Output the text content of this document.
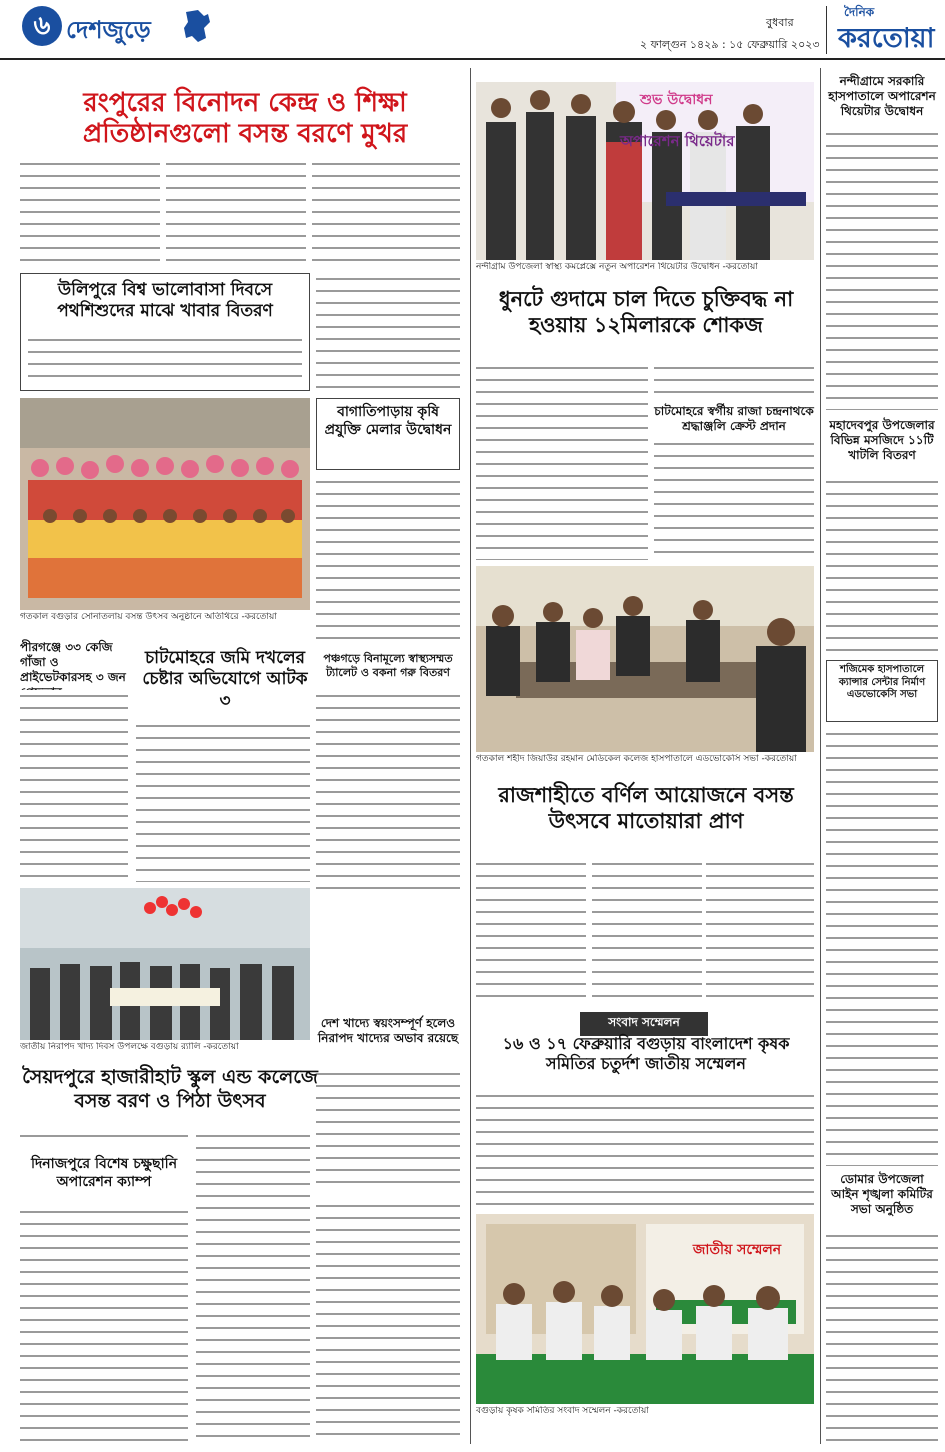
৬ দেশজুড়ে	বুধবার
২ ফাল্গুন ১৪২৯ : ১৫ ফেব্রুয়ারি ২০২৩
দৈনিক
করতোয়া
রংপুরের বিনোদন কেন্দ্র ও শিক্ষা প্রতিষ্ঠানগুলো বসন্ত বরণে মুখর
উলিপুরে বিশ্ব ভালোবাসা দিবসে পথশিশুদের মাঝে খাবার বিতরণ
গতকাল বগুড়ার সোনাতলায় বসন্ত উৎসব অনুষ্ঠানে অতিথিরে -করতোয়া
বাগাতিপাড়ায় কৃষি প্রযুক্তি মেলার উদ্বোধন
পীরগঞ্জে ৩৩ কেজি গাঁজা ও প্রাইভেটকারসহ ৩ জন
চাটমোহরে জমি দখলের চেষ্টার অভিযোগে আটক ৩
পঞ্চগড়ে বিনামূল্যে স্বাস্থ্যসম্মত ট্যালেট ও বকনা গরু বিতরণ
জাতীয় নিরাপদ খাদ্য দিবস উপলক্ষে বগুড়ায় র‌্যালি -করতোয়া
দেশ খাদ্যে স্বয়ংসম্পূর্ণ হলেও নিরাপদ খাদ্যের অভাব রয়েছে
সৈয়দপুরে হাজারীহাট স্কুল এন্ড কলেজে বসন্ত বরণ ও পিঠা উৎসব
দিনাজপুরে বিশেষ চক্ষুছানি অপারেশন ক্যাম্প
শুভ উদ্বোধন
অপারেশন থিয়েটার
নন্দীগ্রাম উপজেলা স্বাস্থ্য কমপ্লেক্সে নতুন অপারেশন থিয়েটার উদ্বোধন -করতোয়া
ধুনটে গুদামে চাল দিতে চুক্তিবদ্ধ না হওয়ায় ১২মিলারকে শোকজ
চাটমোহরে স্বর্গীয় রাজা চন্দ্রনাথকে শ্রদ্ধাঞ্জলি ক্রেস্ট প্রদান
গতকাল শহীদ জিয়াউর রহমান মেডিকেল কলেজ হাসপাতালে এডভোকেসি সভা -করতোয়া
রাজশাহীতে বর্ণিল আয়োজনে বসন্ত উৎসবে মাতোয়ারা প্রাণ
সংবাদ সম্মেলন
১৬ ও ১৭ ফেব্রুয়ারি বগুড়ায় বাংলাদেশ কৃষক সমিতির চতুর্দশ জাতীয় সম্মেলন
জাতীয় সম্মেলন
বগুড়ায় কৃষক সমিতির সংবাদ সম্মেলন -করতোয়া
নন্দীগ্রামে সরকারি হাসপাতালে অপারেশন থিয়েটার উদ্বোধন
মহাদেবপুর উপজেলার বিভিন্ন মসজিদে ১১টি খাটলি বিতরণ
শজিমেক হাসপাতালে ক্যান্সার সেন্টার নির্মাণ এডভোকেসি সভা
ডোমার উপজেলা আইন শৃঙ্খলা কমিটির সভা অনুষ্ঠিত
